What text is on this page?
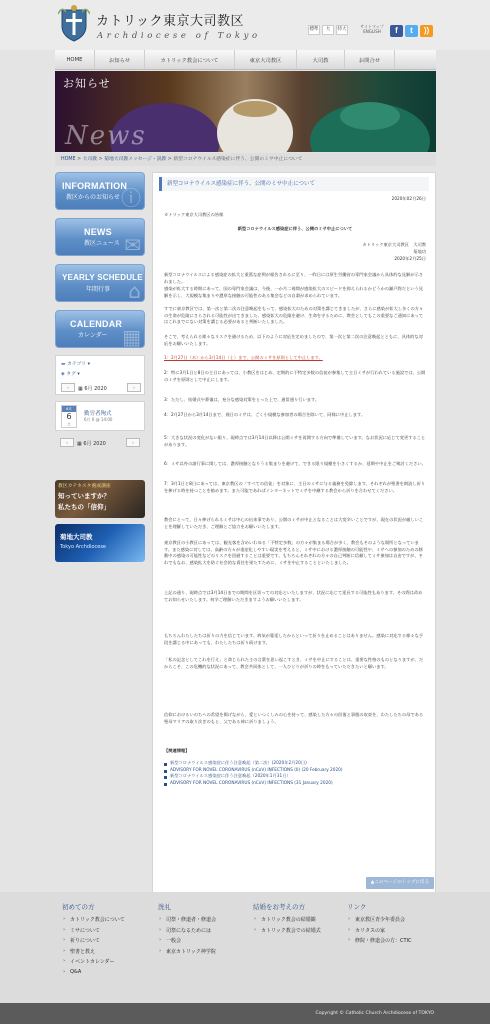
カトリック東京大司教区
Archdiocese of Tokyo
標準	大	特大
サイトマップ
ENGLISH	f	t	))
HOME	お知らせ	カトリック教会について	東京大司教区	大司教	お問合せ
お知らせ
News
HOME > 大司教 > 菊地大司教メッセージ・説教 > 新型コロナウイルス感染症に伴う、公開のミサ中止について
ⓘ
INFORMATION
教区からのお知らせ
✉
NEWS
教区ニュース
⌂
YEARLY SCHEDULE
年間行事
▦
CALENDAR
カレンダー
▬ カテゴリ ▾
◆ タグ ▾
‹	▦ 6月 2020	›
6月
6
土
勤労者殉式
6月 6 @ 14:00
‹	▦ 6月 2020	›
教区カテキスタ養成講座
知っていますか？
私たちの「信仰」
菊地大司教
Tokyo Archdiocese
新型コロナウイルス感染症に伴う、公開のミサ中止について
2020年02月26日
カトリック東京大司教区の皆様
新型コロナウイルス感染症に伴う、公開のミサ中止について
カトリック東京大司教区　大司教
菊地功
2020年2月25日
新型コロナウイルスによる感染症の拡大と重篤な症例が報告されるに至り、一昨日には厚生労働省の専門家会議から具体的な見解が示されました。
感染が拡大する時期にあって、国の専門家会議は、今後、一か月二週間が感染拡大のスピードを抑えられるかどうかの瀬戸際だという見解を示し、大規模な集まりや濃厚な接触の可能性のある集会などの自粛が求められています。
すでに東京教区では、第一次と第二次の注意喚起をもって、感染拡大のための対策を講じてきましたが、さらに感染が拡大し多くの方々の生命が危険にさらされる可能性が出てきました。感染拡大の危険を避け、生命を守るために、教会としてもこの重要なご通知にあってはこれまでにない対策を講じる必要があると判断いたしました。
そこで、考えられる様々なリスクを避けるため、以下のように対応を定めましたので、第一次と第二次の注意喚起とともに、具体的な対応をお願いいたします。
1：2月27日（木）から3月14日（土）まで、公開のミサを原則として中止します。
2：特に3月1日と8日の主日にあっては、小教区をはじめ、定期的に不特定多数の信徒が参集して主日ミサが行われている施設では、公開のミサを原則として中止にします。
3：ただし、結婚式や葬儀は、充分な感染対策をとった上で、通常通り行います。
4：2月27日から3月14日まで、週日のミサは、ごく小規模な参加者の場合を除いて、同様に中止します。
5：大きな状況の変化がない限り、現時点では3月14日以降は公開ミサを再開する方向で準備しています。なお状況に応じて変更することがあります。
6：ミサ以外の諸行事に関しては、濃厚接触となりうる集まりを避けて、できる限り規模を小さくするか、延期や中止をご検討ください。
7：3月1日と8日にあっては、東京教区の「すべての信徒」を対象に、主日のミサに与る義務を免除します。それぞれが聖書を朗読し祈りを捧げる時を持つことを勧めます。また可能であればインターネットでミサを中継する教会から祈りを合わせてください。
教会にとって、日々捧げられるミサは中心の出来事であり、公開のミサが中止となることは大変辛いことですが、現在の状況が厳しいことを理解していただき、ご理解とご協力をお願いいたします。
東京教区の小教区にあっては、観光客を含めいわゆる「不特定多数」の方々が集まる場合が多く、教会もそのような場所となっています。また感染に対しては、高齢の方々が重症化しやすい現実を考えると、ミサ中における濃厚接触の可能性や、ミサへの参加のための移動中の感染の可能性などのリスクを回避することは重要です。もちろんそれぞれの方々の自己判断に信頼してミサ参加は自由ですが、それでもなお、感染拡大を防ぐ社会的な責任を果たすために、ミサを中止することといたしました。
上記の通り、現時点では3月14日までの期間を区切っての対応といたしますが、状況に応じて延長する可能性もあります。その際は改めてお知らせいたします。何卒ご理解いただきますようお願いいたします。
もちろんわたしたちは祈りの力を信じています。病気が蔓延したからといって祈りを止めることはありません。感染に対応する様々な手段を講じる中にあっても、わたしたちは祈り続けます。
「私の記念としてこれを行え」と命じられた主の言葉を思い起こすとき、ミサを中止にすることは、重要な性格のものとなりますが、だからこそ、この危機的な状況にあって、教会共同体として、一人ひとりが祈りの時をもっていただきたいと願います。
信仰におけるいのちへの希望を掲げながら、愛といつくしみの心を持って、感染した方々の回復と事態の収束を、わたしたちの母である聖母マリアの取り次ぎのもと、父である神に祈りましょう。
【関連情報】
新型コロナウイルス感染症に伴う注意喚起（第二次）(2020年2月20日)
ADVISORY FOR NOVEL CORONAVIRUS (nCoV) INFECTIONS (II) (20 February 2020)
新型コロナウイルス感染症に伴う注意喚起（2020年1月31日）
ADVISORY FOR NOVEL CORONAVIRUS (nCoV) INFECTIONS (31 January 2020)
▲このページのトップに戻る
初めての方
› カトリック教会について
› ミサについて
› 祈りについて
› 聖書と教え
› イベントカレンダー
› Q&A
洗礼
› 司祭・修道者・修道会
› 司祭になるためには
› 一般会
› 東京カトリック神学院
結婚をお考えの方
› カトリック教会の結婚観
› カトリック教会での結婚式
リンク
› 東京教区青少年委員会
› カリタスの家
› 修院・修道会の方：CTIC
Copyright © Catholic Church Archdiocese of TOKYO
